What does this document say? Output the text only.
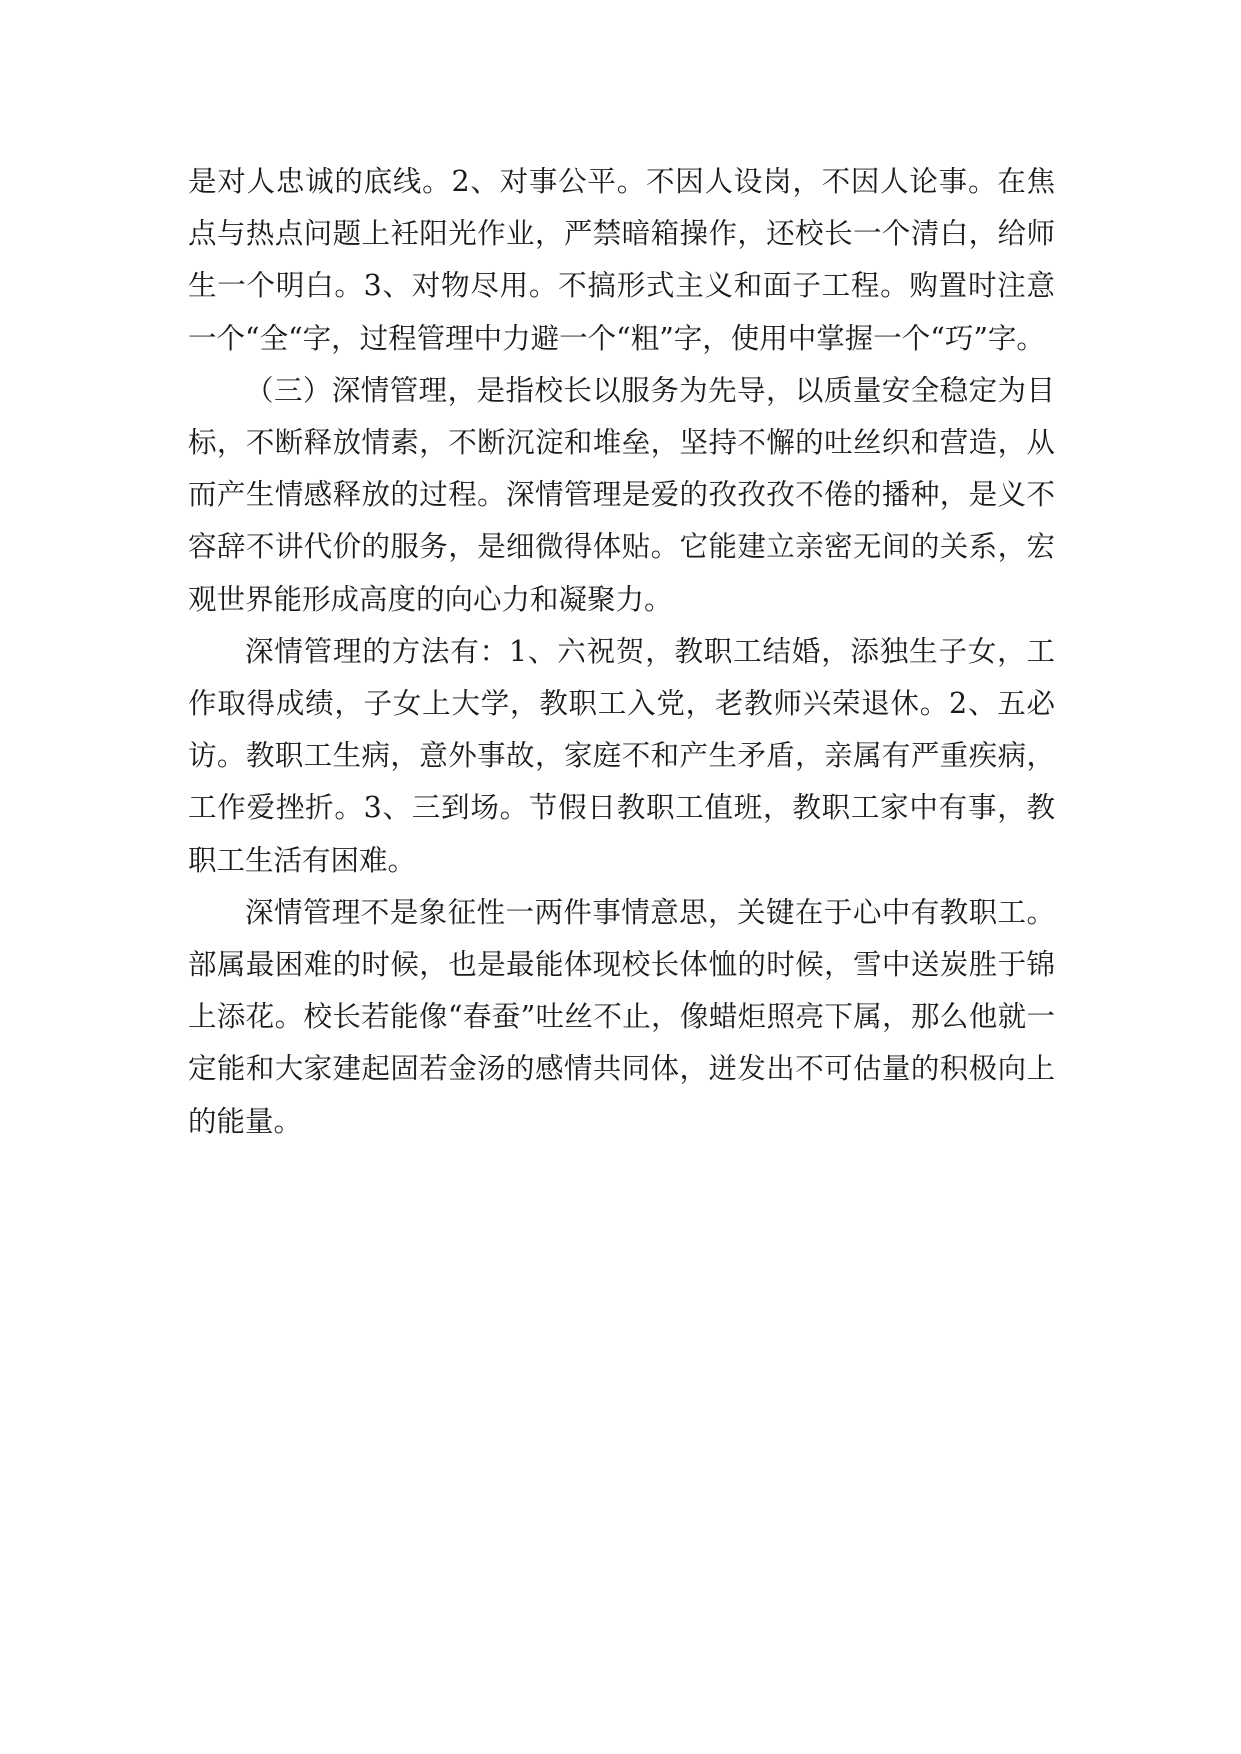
是对人忠诚的底线。2、对事公平。不因人设岗，不因人论事。在焦点与热点问题上衽阳光作业，严禁暗箱操作，还校长一个清白，给师生一个明白。3、对物尽用。不搞形式主义和面子工程。购置时注意一个“全“字，过程管理中力避一个“粗”字，使用中掌握一个“巧”字。

（三）深情管理，是指校长以服务为先导，以质量安全稳定为目标，不断释放情素，不断沉淀和堆垒，坚持不懈的吐丝织和营造，从而产生情感释放的过程。深情管理是爱的孜孜孜不倦的播种，是义不容辞不讲代价的服务，是细微得体贴。它能建立亲密无间的关系，宏观世界能形成高度的向心力和凝聚力。

深情管理的方法有：1、六祝贺，教职工结婚，添独生子女，工作取得成绩，子女上大学，教职工入党，老教师兴荣退休。2、五必访。教职工生病，意外事故，家庭不和产生矛盾，亲属有严重疾病，工作爱挫折。3、三到场。节假日教职工值班，教职工家中有事，教职工生活有困难。

深情管理不是象征性一两件事情意思，关键在于心中有教职工。部属最困难的时候，也是最能体现校长体恤的时候，雪中送炭胜于锦上添花。校长若能像“春蚕”吐丝不止，像蜡炬照亮下属，那么他就一定能和大家建起固若金汤的感情共同体，迸发出不可估量的积极向上的能量。
